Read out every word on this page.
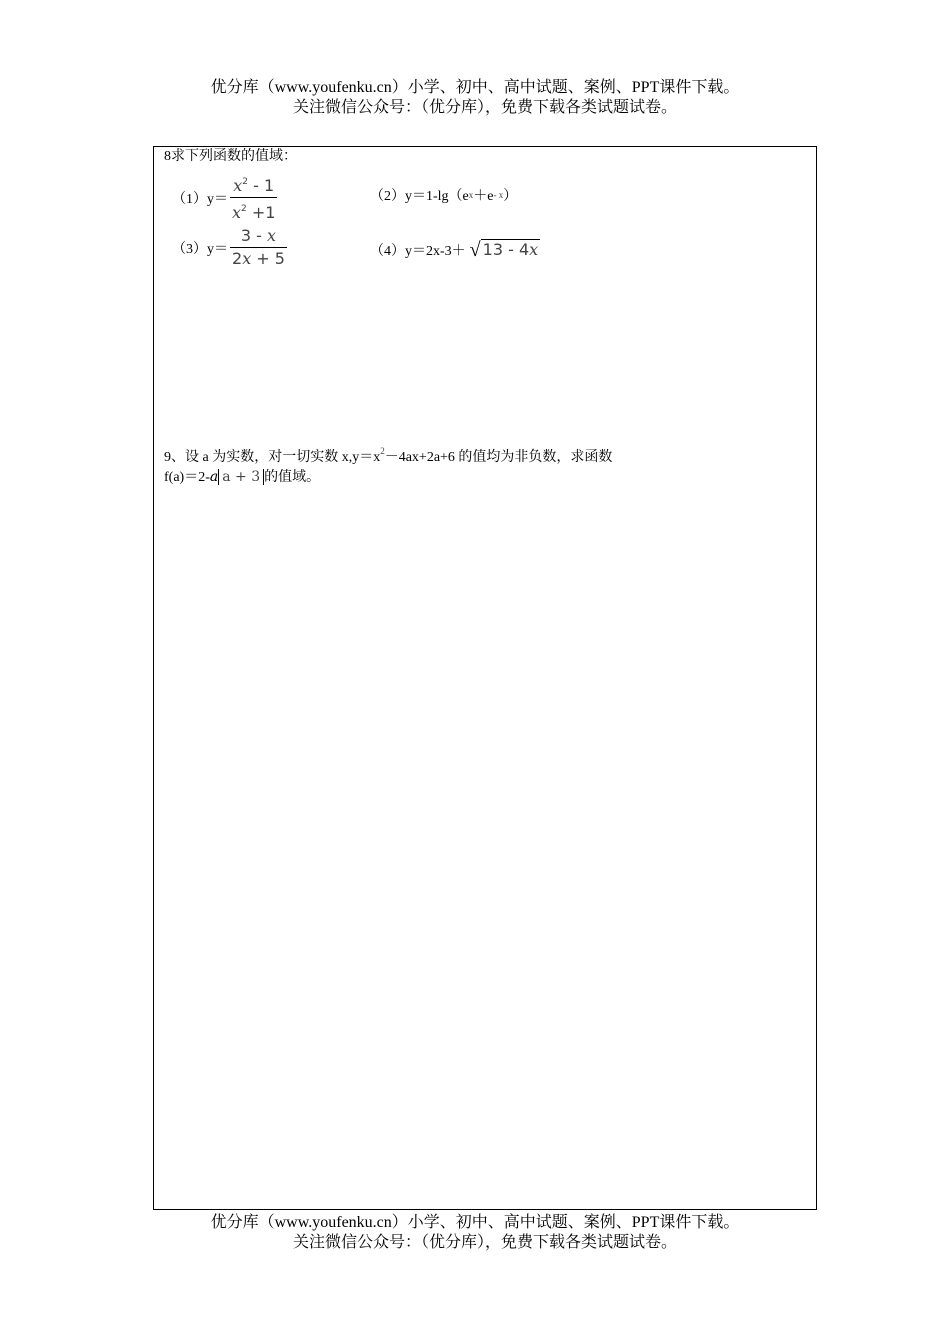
优分库（www.youfenku.cn）小学、初中、高中试题、案例、PPT课件下载。
关注微信公众号：（优分库），免费下载各类试题试卷。
8求下列函数的值域：
$(1)y= \frac{x^2 - 1}{x^2 +1}$	（2）y＝1-lg（e x ＋e - x ）
$(3)y= \frac{3 - x}{2x + 5}$	（4）y＝2x-3＋ √ 13 - 4x
9、设 a 为实数，对一切实数 $x,y=x^2-4ax+2a+6$ 的值均为非负数，求函数
f(a)＝2-a a + 3 的值域。
优分库（www.youfenku.cn）小学、初中、高中试题、案例、PPT课件下载。
关注微信公众号：（优分库），免费下载各类试题试卷。
